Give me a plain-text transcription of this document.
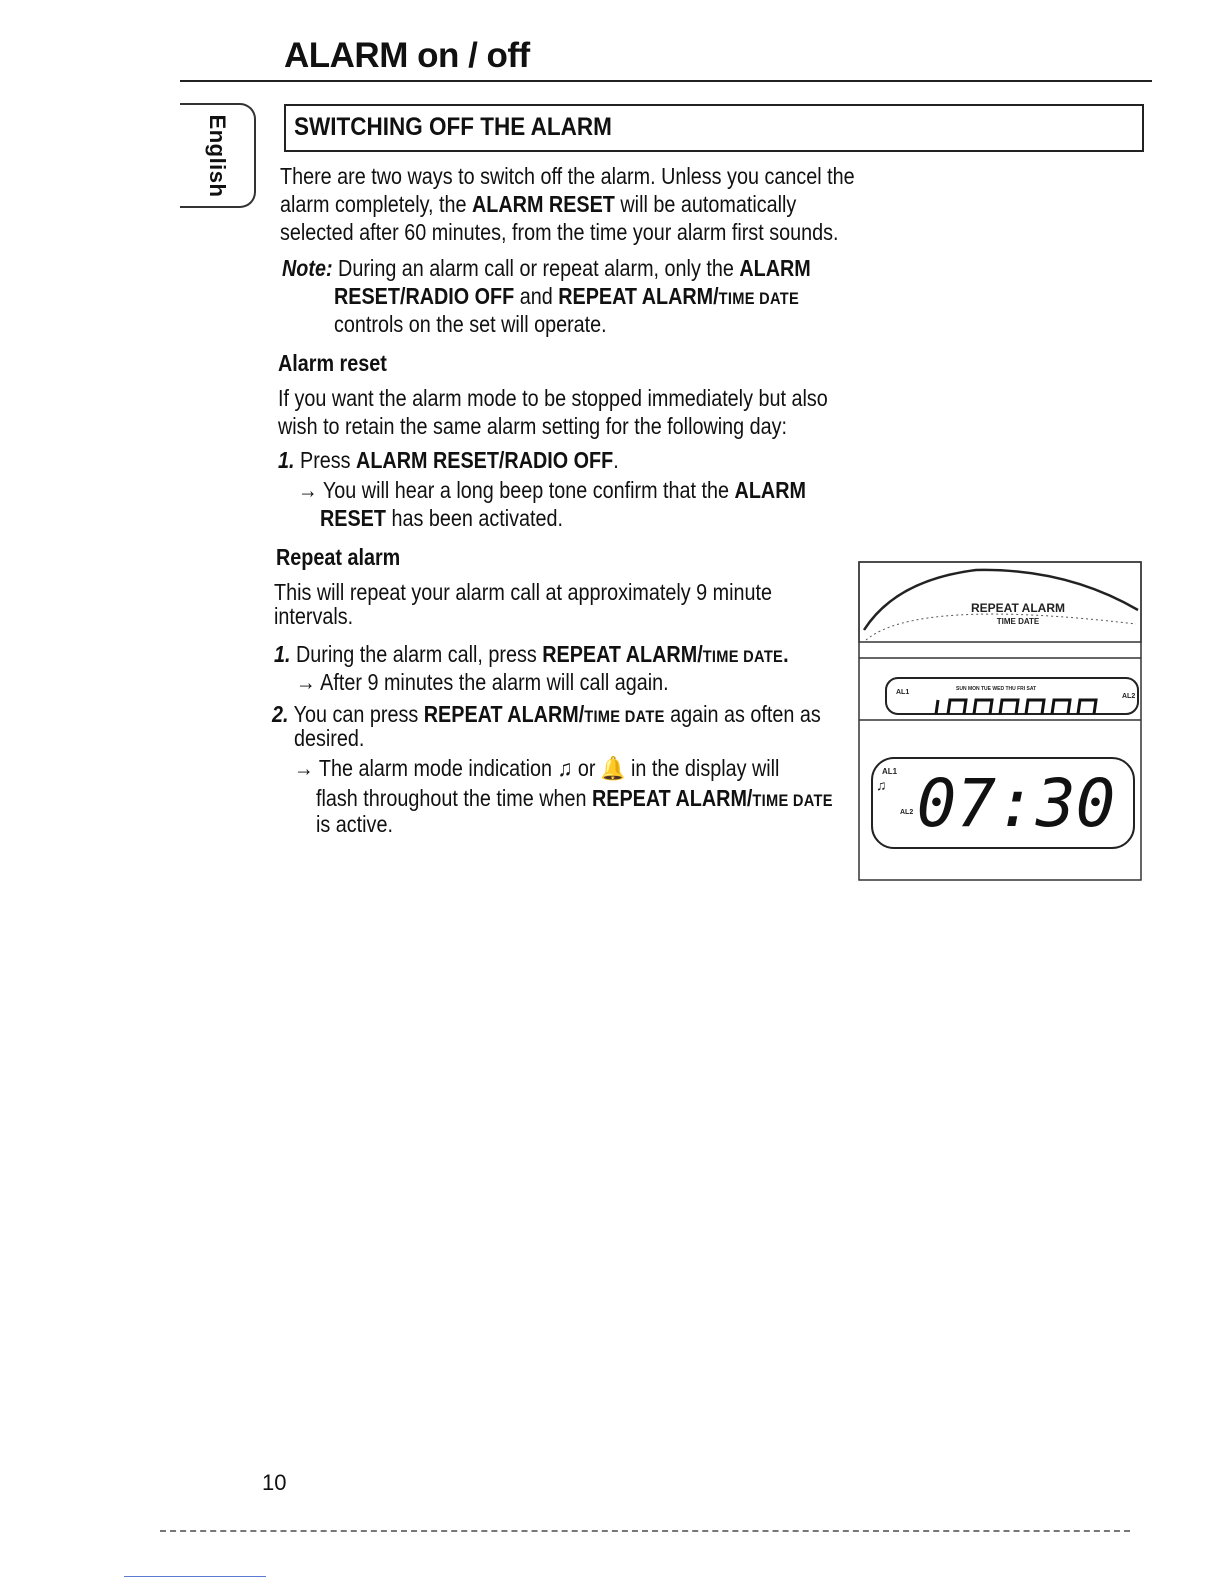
ALARM on / off
English	SWITCHING OFF THE ALARM
There are two ways to switch off the alarm. Unless you cancel the
alarm completely, the ALARM RESET will be automatically
selected after 60 minutes, from the time your alarm first sounds.
Note: During an alarm call or repeat alarm, only the ALARM
RESET/RADIO OFF and REPEAT ALARM/TIME DATE
controls on the set will operate.
Alarm reset
If you want the alarm mode to be stopped immediately but also
wish to retain the same alarm setting for the following day:
1. Press ALARM RESET/RADIO OFF.
→ You will hear a long beep tone confirm that the ALARM
RESET has been activated.
Repeat alarm
This will repeat your alarm call at approximately 9 minute
intervals.
1. During the alarm call, press REPEAT ALARM/TIME DATE.
→ After 9 minutes the alarm will call again.
2. You can press REPEAT ALARM/TIME DATE again as often as
desired.
→ The alarm mode indication ♫ or 🔔 in the display will
flash throughout the time when REPEAT ALARM/TIME DATE
is active.
REPEAT ALARM
TIME DATE
AL1
AL2
SUN MON TUE WED THU FRI SAT
AL1
AL2
♫ 07:30
10
